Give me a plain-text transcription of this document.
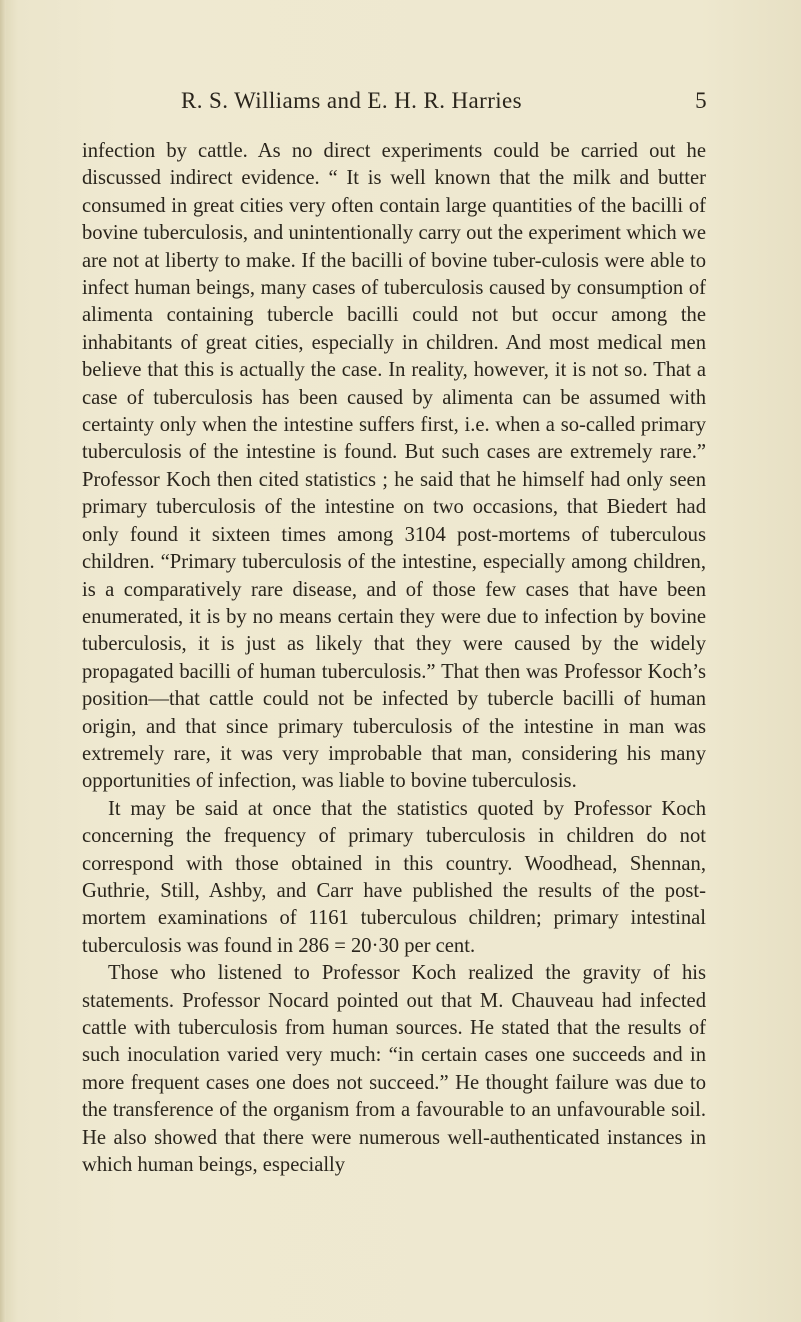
R. S. Williams and E. H. R. Harries	5

infection by cattle. As no direct experiments could be carried out he discussed indirect evidence. “ It is well known that the milk and butter consumed in great cities very often contain large quantities of the bacilli of bovine tuberculosis, and unintentionally carry out the experiment which we are not at liberty to make. If the bacilli of bovine tuber-culosis were able to infect human beings, many cases of tuberculosis caused by consumption of alimenta containing tubercle bacilli could not but occur among the inhabitants of great cities, especially in children. And most medical men believe that this is actually the case. In reality, however, it is not so. That a case of tuberculosis has been caused by alimenta can be assumed with certainty only when the intestine suffers first, i.e. when a so-called primary tuberculosis of the intestine is found. But such cases are extremely rare.” Professor Koch then cited statistics ; he said that he himself had only seen primary tuberculosis of the intestine on two occasions, that Biedert had only found it sixteen times among 3104 post-mortems of tuberculous children. “Primary tuberculosis of the intestine, especially among children, is a comparatively rare disease, and of those few cases that have been enumerated, it is by no means certain they were due to infection by bovine tuberculosis, it is just as likely that they were caused by the widely propagated bacilli of human tuberculosis.” That then was Professor Koch’s position—that cattle could not be infected by tubercle bacilli of human origin, and that since primary tuberculosis of the intestine in man was extremely rare, it was very improbable that man, considering his many opportunities of infection, was liable to bovine tuberculosis.

It may be said at once that the statistics quoted by Professor Koch concerning the frequency of primary tuberculosis in children do not correspond with those obtained in this country. Woodhead, Shennan, Guthrie, Still, Ashby, and Carr have published the results of the post-mortem examinations of 1161 tuberculous children; primary intestinal tuberculosis was found in 286 = 20·30 per cent.

Those who listened to Professor Koch realized the gravity of his statements. Professor Nocard pointed out that M. Chauveau had infected cattle with tuberculosis from human sources. He stated that the results of such inoculation varied very much: “in certain cases one succeeds and in more frequent cases one does not succeed.” He thought failure was due to the transference of the organism from a favourable to an unfavourable soil. He also showed that there were numerous well-authenticated instances in which human beings, especially
